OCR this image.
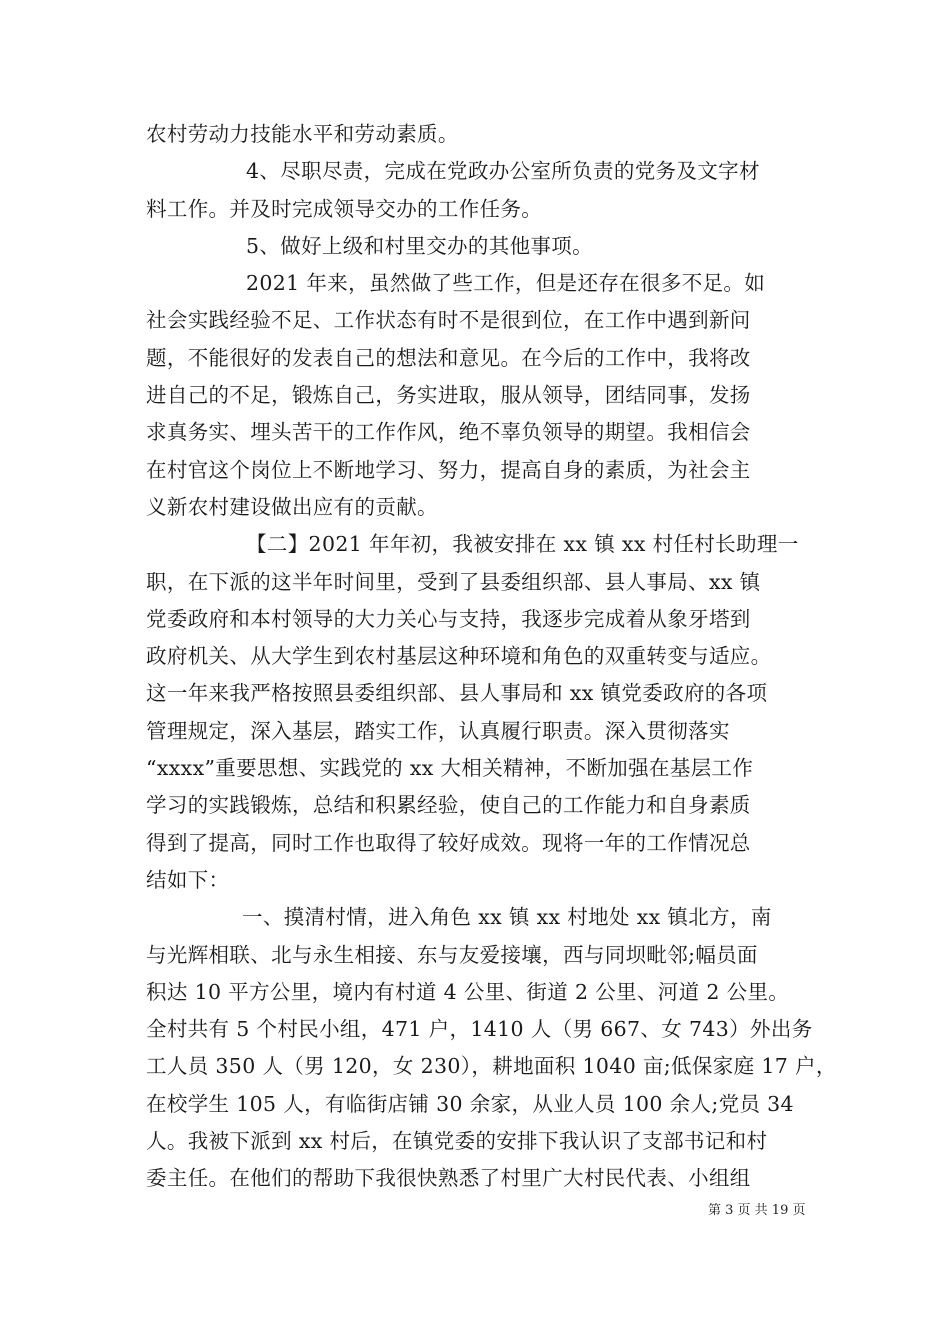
农村劳动力技能水平和劳动素质。
4、尽职尽责，完成在党政办公室所负责的党务及文字材
料工作。并及时完成领导交办的工作任务。
5、做好上级和村里交办的其他事项。
2021 年来，虽然做了些工作，但是还存在很多不足。如
社会实践经验不足、工作状态有时不是很到位，在工作中遇到新问
题，不能很好的发表自己的想法和意见。在今后的工作中，我将改
进自己的不足，锻炼自己，务实进取，服从领导，团结同事，发扬
求真务实、埋头苦干的工作作风，绝不辜负领导的期望。我相信会
在村官这个岗位上不断地学习、努力，提高自身的素质，为社会主
义新农村建设做出应有的贡献。
【二】2021 年年初，我被安排在 xx 镇 xx 村任村长助理一
职，在下派的这半年时间里，受到了县委组织部、县人事局、xx 镇
党委政府和本村领导的大力关心与支持，我逐步完成着从象牙塔到
政府机关、从大学生到农村基层这种环境和角色的双重转变与适应。
这一年来我严格按照县委组织部、县人事局和 xx 镇党委政府的各项
管理规定，深入基层，踏实工作，认真履行职责。深入贯彻落实
“xxxx”重要思想、实践党的 xx 大相关精神，不断加强在基层工作
学习的实践锻炼，总结和积累经验，使自己的工作能力和自身素质
得到了提高，同时工作也取得了较好成效。现将一年的工作情况总
结如下：
一、摸清村情，进入角色 xx 镇 xx 村地处 xx 镇北方，南
与光辉相联、北与永生相接、东与友爱接壤，西与同坝毗邻;幅员面
积达 10 平方公里，境内有村道 4 公里、街道 2 公里、河道 2 公里。
全村共有 5 个村民小组，471 户，1410 人（男 667、女 743）外出务
工人员 350 人（男 120，女 230），耕地面积 1040 亩;低保家庭 17 户，
在校学生 105 人，有临街店铺 30 余家，从业人员 100 余人;党员 34
人。我被下派到 xx 村后，在镇党委的安排下我认识了支部书记和村
委主任。在他们的帮助下我很快熟悉了村里广大村民代表、小组组
第 3 页 共 19 页
